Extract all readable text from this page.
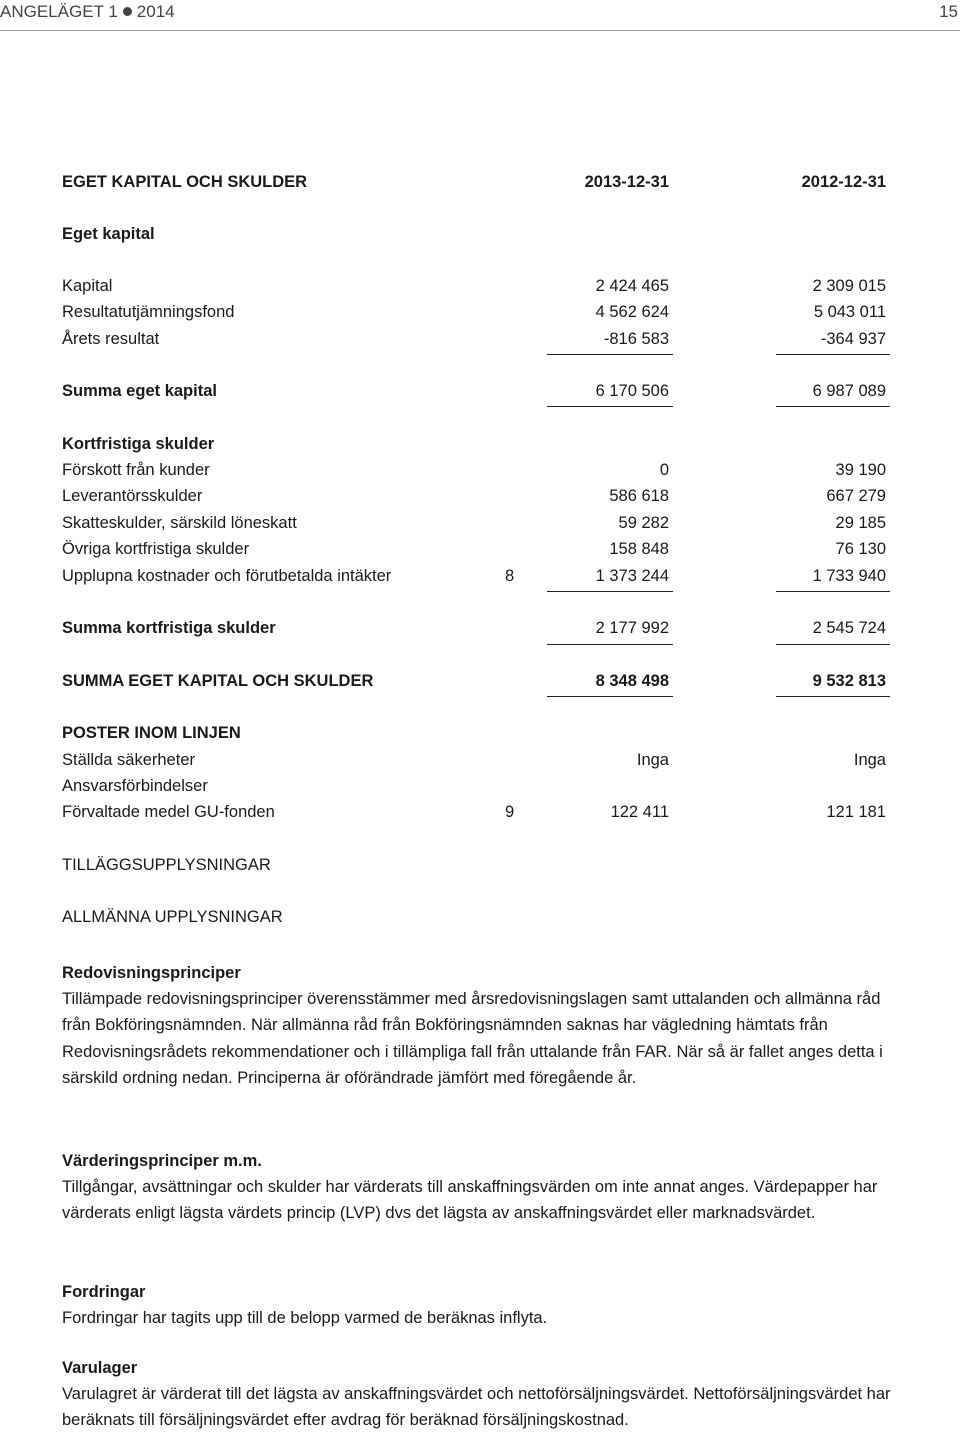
ANGELÄGET 1 2014	15
EGET KAPITAL OCH SKULDER	2013-12-31	2012-12-31
Eget kapital
Kapital	2 424 465	2 309 015
Resultatutjämningsfond	4 562 624	5 043 011
Årets resultat	-816 583	-364 937
Summa eget kapital	6 170 506	6 987 089
Kortfristiga skulder
Förskott från kunder	0	39 190
Leverantörsskulder	586 618	667 279
Skatteskulder, särskild löneskatt	59 282	29 185
Övriga kortfristiga skulder	158 848	76 130
Upplupna kostnader och förutbetalda intäkter	8	1 373 244	1 733 940
Summa kortfristiga skulder	2 177 992	2 545 724
SUMMA EGET KAPITAL OCH SKULDER	8 348 498	9 532 813
POSTER INOM LINJEN
Ställda säkerheter	Inga	Inga
Ansvarsförbindelser
Förvaltade medel GU-fonden	9	122 411	121 181
TILLÄGGSUPPLYSNINGAR
ALLMÄNNA UPPLYSNINGAR
Redovisningsprinciper
Tillämpade redovisningsprinciper överensstämmer med årsredovisningslagen samt uttalanden och allmänna råd från Bokföringsnämnden. När allmänna råd från Bokföringsnämnden saknas har vägledning hämtats från Redovisningsrådets rekommendationer och i tillämpliga fall från uttalande från FAR. När så är fallet anges detta i särskild ordning nedan. Principerna är oförändrade jämfört med föregående år.
Värderingsprinciper m.m.
Tillgångar, avsättningar och skulder har värderats till anskaffningsvärden om inte annat anges. Värdepapper har värderats enligt lägsta värdets princip (LVP) dvs det lägsta av anskaffningsvärdet eller marknadsvärdet.
Fordringar
Fordringar har tagits upp till de belopp varmed de beräknas inflyta.
Varulager
Varulagret är värderat till det lägsta av anskaffningsvärdet och nettoförsäljningsvärdet. Nettoförsäljningsvärdet har beräknats till försäljningsvärdet efter avdrag för beräknad försäljningskostnad.
